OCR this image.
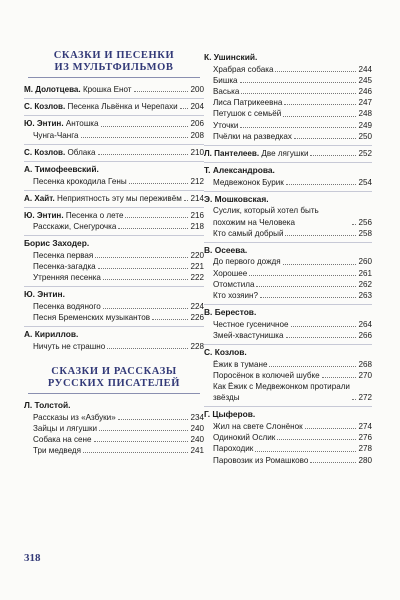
СКАЗКИ И ПЕСЕНКИ
ИЗ МУЛЬТФИЛЬМОВ
М. Долотцева.
Крошка Енот	200
С. Козлов.
Песенка Львёнка и Черепахи 204
Ю. Энтин.
Антошка	206
Чунга-Чанга	208
С. Козлов.
Облака	210
А. Тимофеевский.
Песенка крокодила Гены	212
А. Хайт.
Неприятность эту мы переживём 214
Ю. Энтин.
Песенка о лете	216
Расскажи, Снегурочка	218
Борис Заходер.
Песенка первая	220
Песенка-загадка	221
Утренняя песенка	222
Ю. Энтин.
Песенка водяного	224
Песня Бременских музыкантов	226
А. Кириллов.
Ничуть не страшно	228
СКАЗКИ И РАССКАЗЫ
РУССКИХ ПИСАТЕЛЕЙ
Л. Толстой.
Рассказы из «Азбуки»	234
Зайцы и лягушки	240
Собака на сене	240
Три медведя	241
К. Ушинский.
Храбрая собака	244
Бишка	245
Васька	246
Лиса Патрикеевна	247
Петушок с семьёй	248
Уточки	249
Пчёлки на разведках	250
Л. Пантелеев.
Две лягушки	252
Т. Александрова.
Медвежонок Бурик	254
Э. Мошковская.
Суслик, который хотел быть похожим на Человека	256
Кто самый добрый	258
В. Осеева.
До первого дождя	260
Хорошее	261
Отомстила	262
Кто хозяин?	263
В. Берестов.
Честное гусеничное	264
Змей-хвастунишка	266
С. Козлов.
Ёжик в тумане	268
Поросёнок в колючей шубке	270
Как Ёжик с Медвежонком протирали звёзды	272
Г. Цыферов.
Жил на свете Слонёнок	274
Одинокий Ослик	276
Пароходик	278
Паровозик из Ромашково	280
318
